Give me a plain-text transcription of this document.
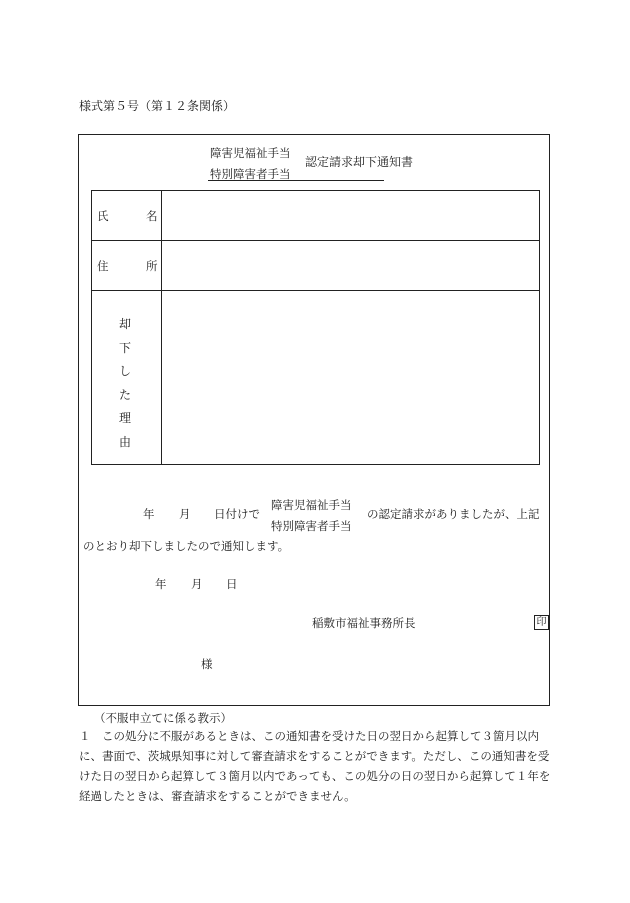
様式第５号（第１２条関係）
障害児福祉手当
特別障害者手当
認定請求却下通知書
氏	名
住	所
却
下
し
た
理
由
年 月 日付けで
障害児福祉手当
特別障害者手当
の認定請求がありましたが、上記
のとおり却下しましたので通知します。
年 月 日
稲敷市福祉事務所長	印
様
（不服申立てに係る教示）

１　この処分に不服があるときは、この通知書を受けた日の翌日から起算して３箇月以内に、書面で、茨城県知事に対して審査請求をすることができます。ただし、この通知書を受けた日の翌日から起算して３箇月以内であっても、この処分の日の翌日から起算して１年を経過したときは、審査請求をすることができません。
